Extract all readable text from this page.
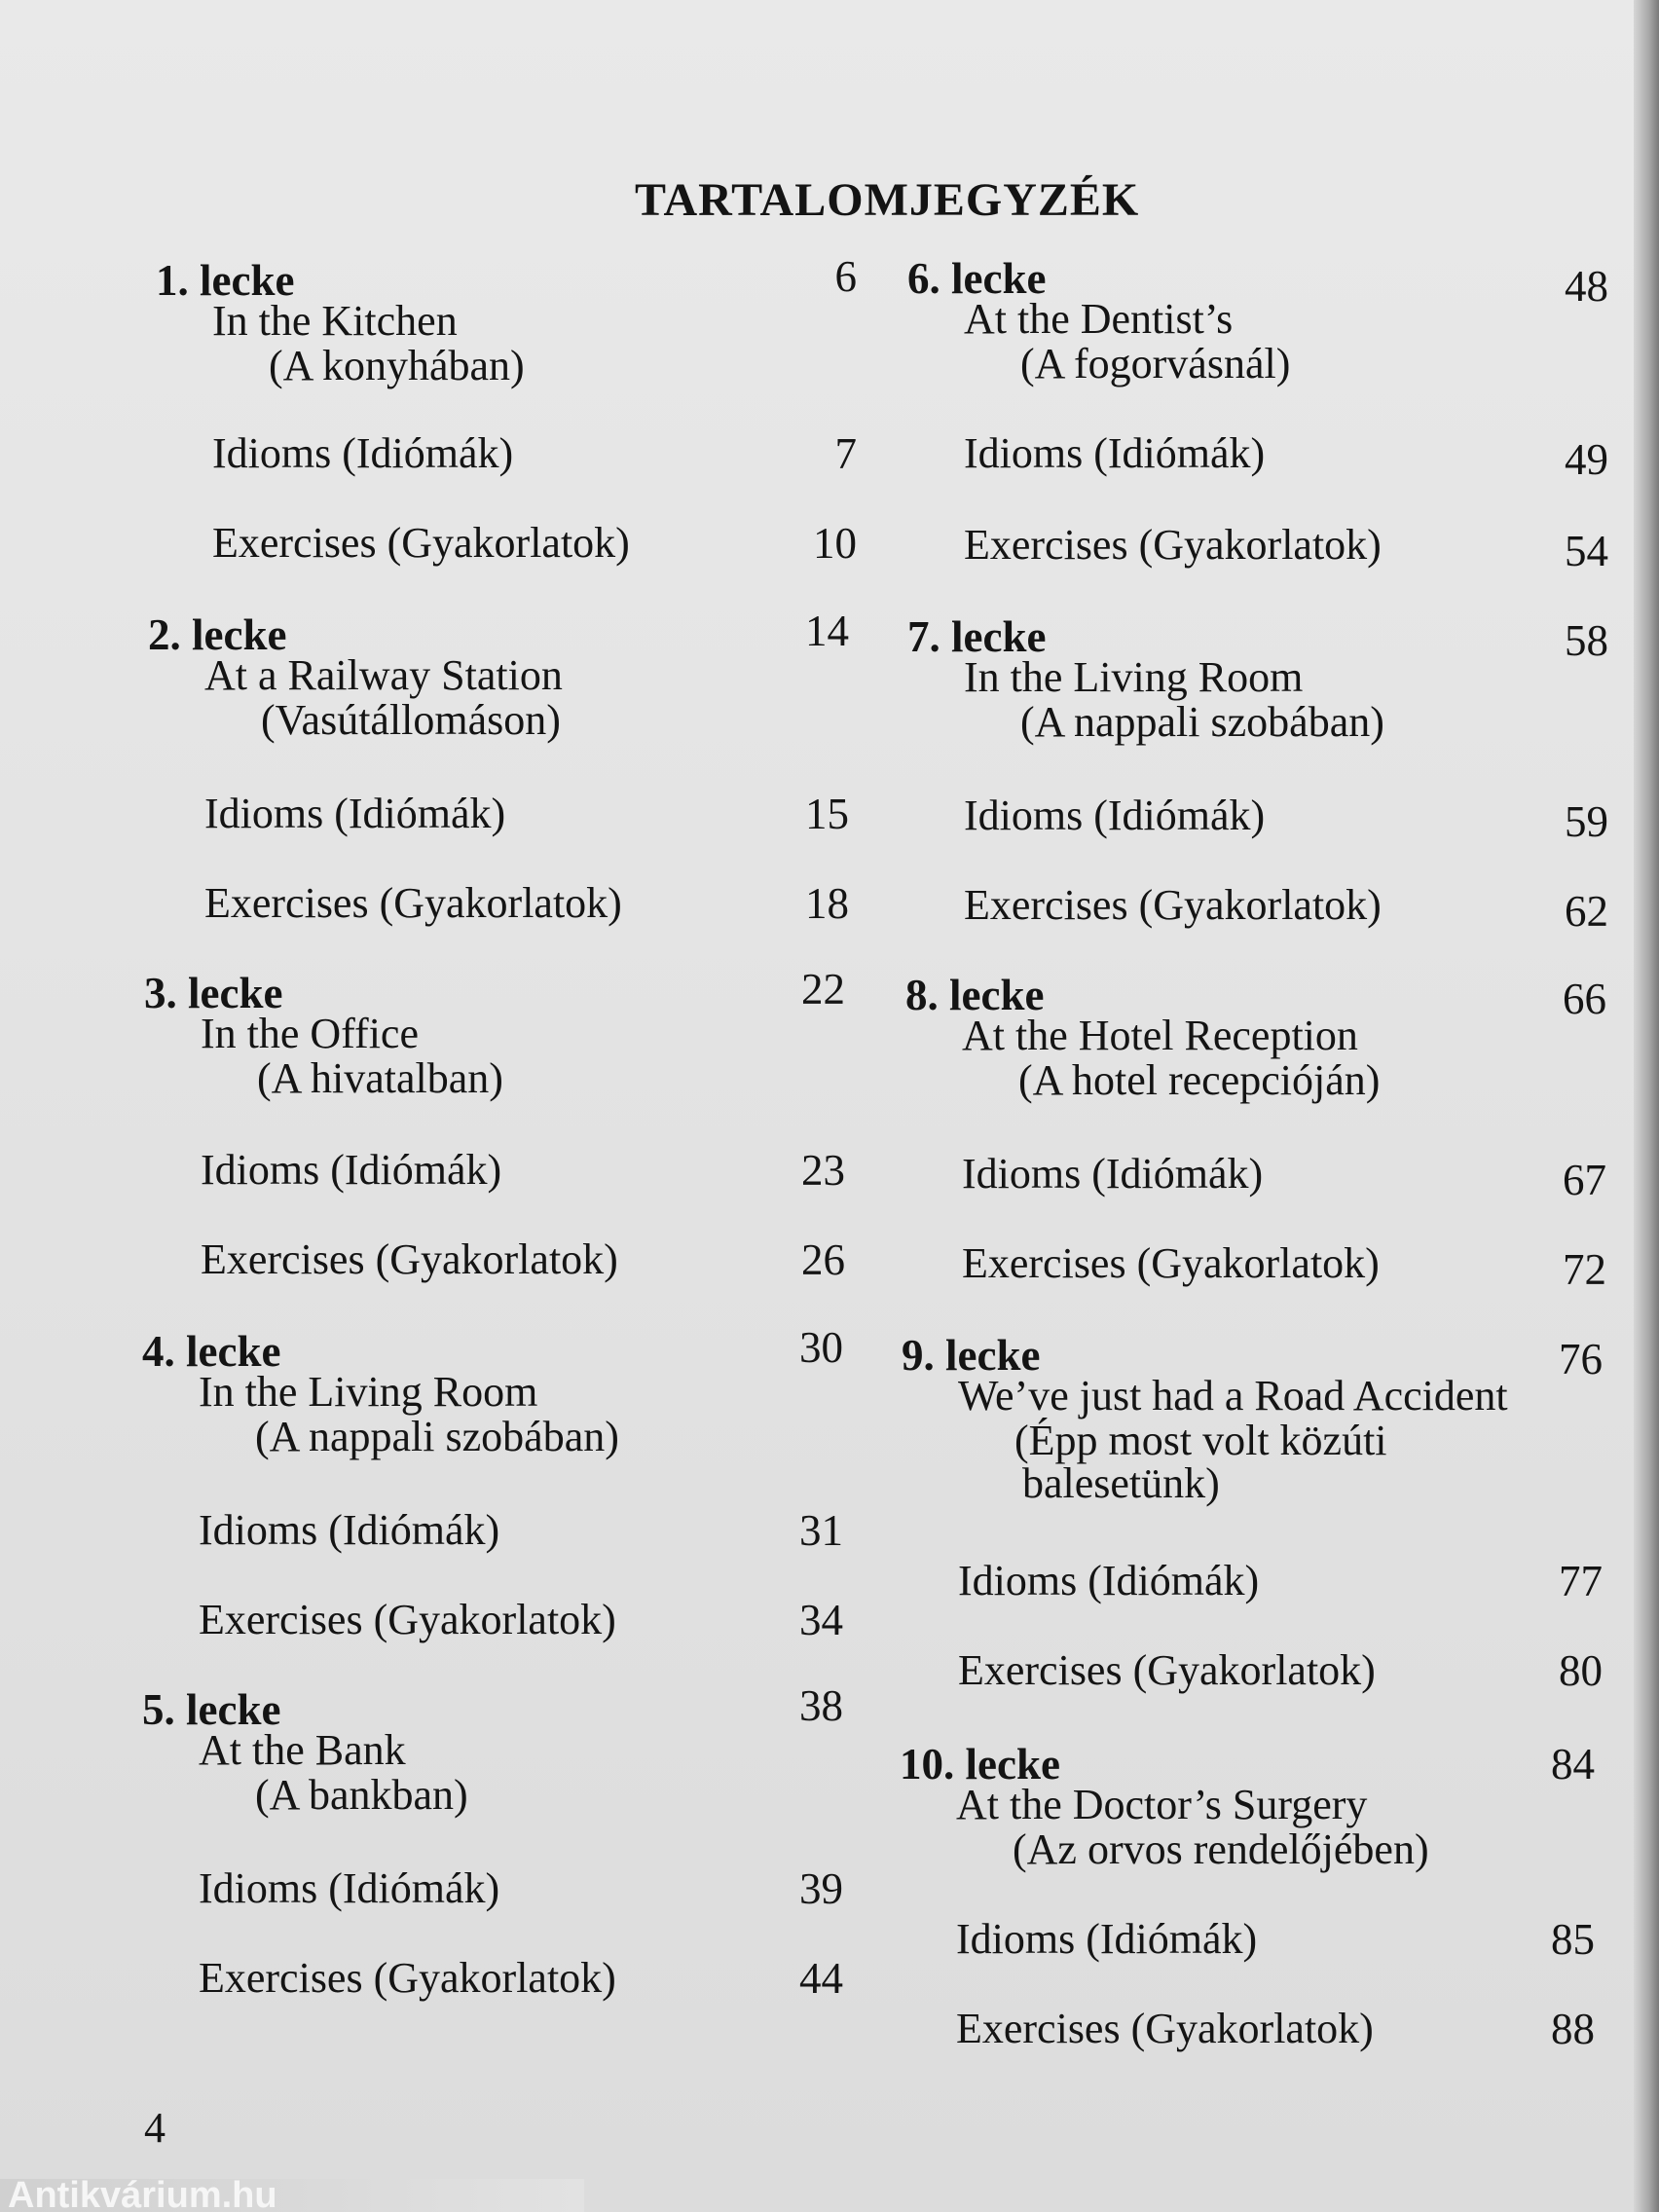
TARTALOMJEGYZÉK
1. lecke	6
In the Kitchen
(A konyhában)
Idioms (Idiómák)	7
Exercises (Gyakorlatok)	10
2. lecke	14
At a Railway Station
(Vasútállomáson)
Idioms (Idiómák)	15
Exercises (Gyakorlatok)	18
3. lecke	22
In the Office
(A hivatalban)
Idioms (Idiómák)	23
Exercises (Gyakorlatok)	26
4. lecke	30
In the Living Room
(A nappali szobában)
Idioms (Idiómák)	31
Exercises (Gyakorlatok)	34
5. lecke	38
At the Bank
(A bankban)
Idioms (Idiómák)	39
Exercises (Gyakorlatok)	44
6. lecke	48
At the Dentist’s
(A fogorvásnál)
Idioms (Idiómák)	49
Exercises (Gyakorlatok)	54
7. lecke	58
In the Living Room
(A nappali szobában)
Idioms (Idiómák)	59
Exercises (Gyakorlatok)	62
8. lecke	66
At the Hotel Reception
(A hotel recepcióján)
Idioms (Idiómák)	67
Exercises (Gyakorlatok)	72
9. lecke	76
We’ve just had a Road Accident
(Épp most volt közúti
balesetünk)
Idioms (Idiómák)	77
Exercises (Gyakorlatok)	80
10. lecke	84
At the Doctor’s Surgery
(Az orvos rendelőjében)
Idioms (Idiómák)	85
Exercises (Gyakorlatok)	88

4

Antikvárium.hu
